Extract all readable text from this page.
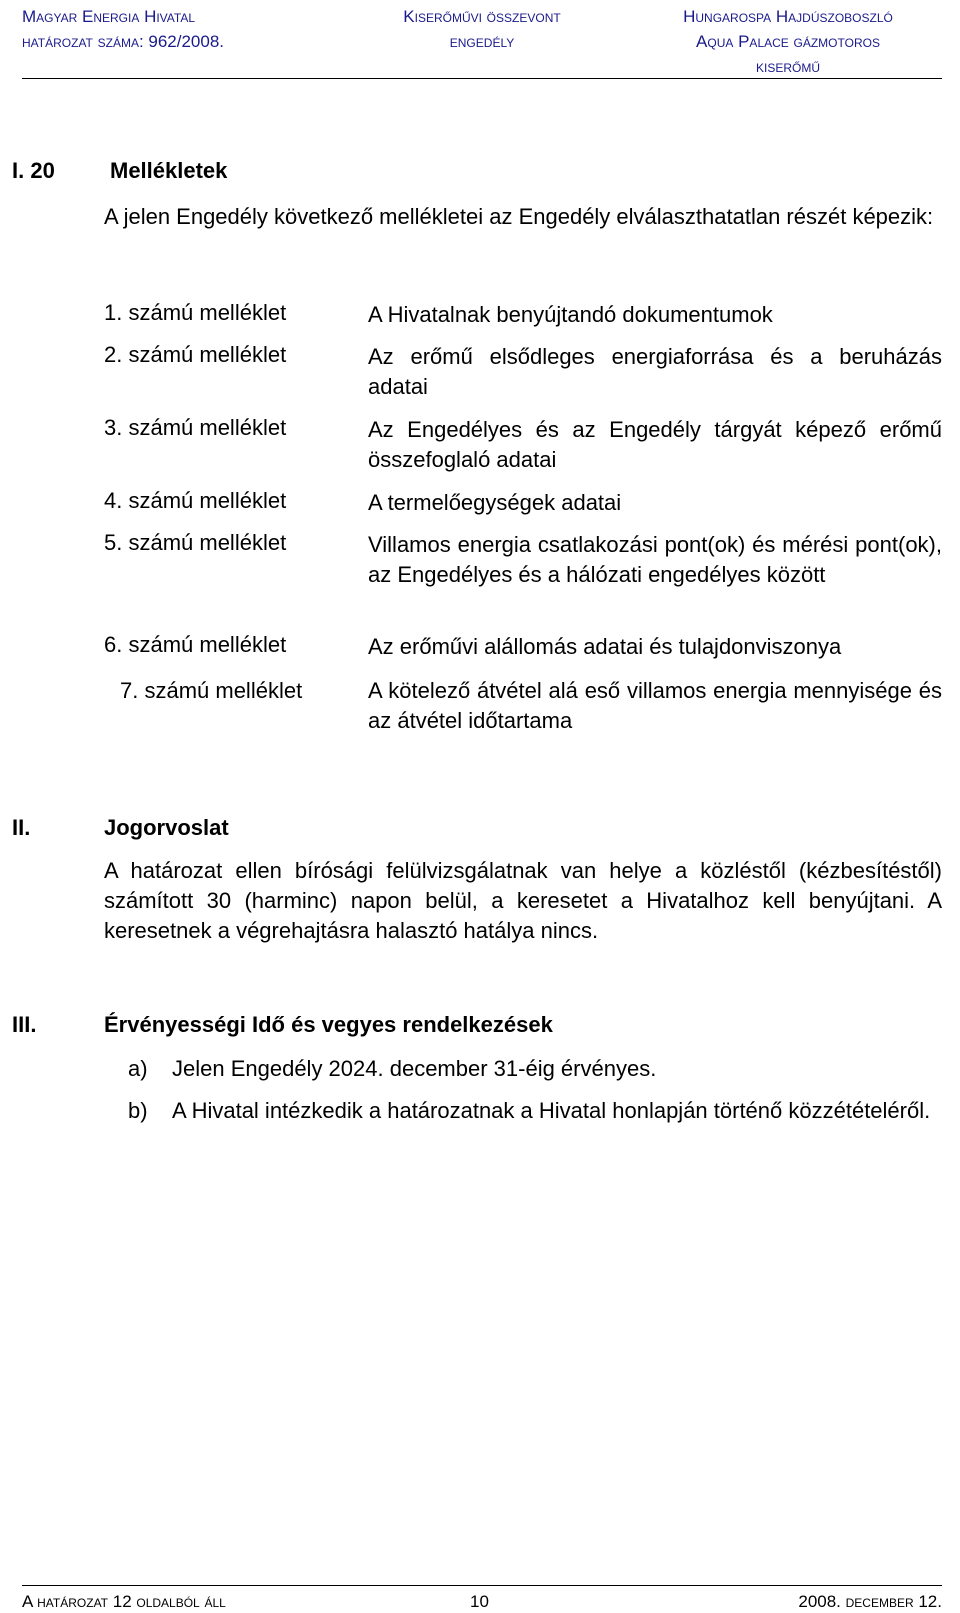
Magyar Energia Hivatal
határozat száma: 962/2008.
Kiserőművi összevont
engedély
Hungarospa Hajdúszoboszló
Aqua Palace gázmotoros
kiserőmű
I. 20	Mellékletek
A jelen Engedély következő mellékletei az Engedély elválaszthatatlan részét képezik:
1. számú melléklet	A Hivatalnak benyújtandó dokumentumok
2. számú melléklet	Az erőmű elsődleges energiaforrása és a beruházás adatai
3. számú melléklet	Az Engedélyes és az Engedély tárgyát képező erőmű összefoglaló adatai
4. számú melléklet	A termelőegységek adatai
5. számú melléklet	Villamos energia csatlakozási pont(ok) és mérési pont(ok), az Engedélyes és a hálózati engedélyes között
6. számú melléklet	Az erőművi alállomás adatai és tulajdonviszonya
7. számú melléklet	A kötelező átvétel alá eső villamos energia mennyisége és az átvétel időtartama
II.	Jogorvoslat
A határozat ellen bírósági felülvizsgálatnak van helye a közléstől (kézbesítéstől) számított 30 (harminc) napon belül, a keresetet a Hivatalhoz kell benyújtani. A keresetnek a végrehajtásra halasztó hatálya nincs.
III.	Érvényességi Idő és vegyes rendelkezések
a)	Jelen Engedély 2024. december 31-éig érvényes.
b)	A Hivatal intézkedik a határozatnak a Hivatal honlapján történő közzétételéről.
A határozat 12 oldalból áll	10	2008. december 12.
